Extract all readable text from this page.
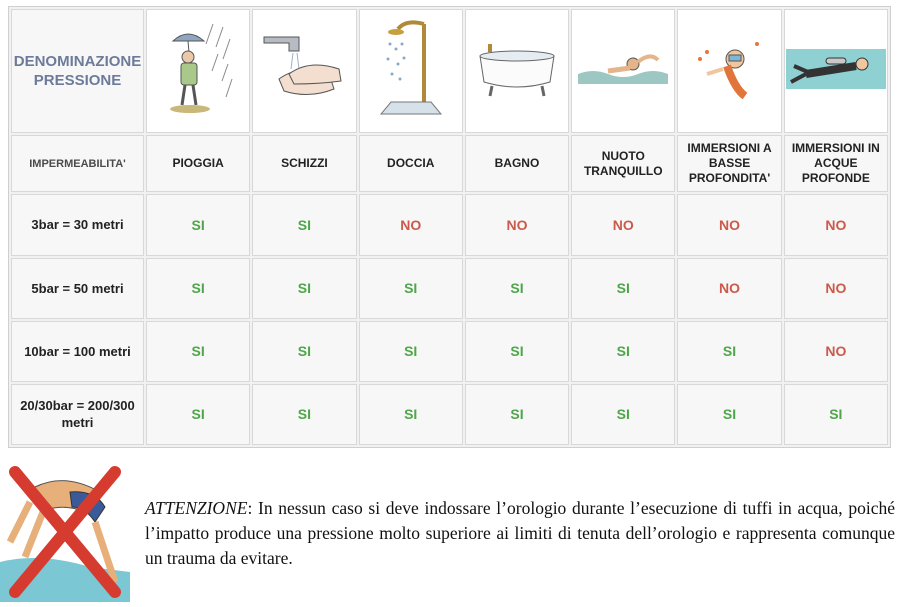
DENOMINAZIONE PRESSIONE							
IMPERMEABILITA'	PIOGGIA	SCHIZZI	DOCCIA	BAGNO	NUOTO TRANQUILLO	IMMERSIONI A BASSE PROFONDITA'	IMMERSIONI IN ACQUE PROFONDE
3bar = 30 metri	SI	SI	NO	NO	NO	NO	NO
5bar = 50 metri	SI	SI	SI	SI	SI	NO	NO
10bar = 100 metri	SI	SI	SI	SI	SI	SI	NO
20/30bar = 200/300 metri	SI	SI	SI	SI	SI	SI	SI
ATTENZIONE: In nessun caso si deve indossare l’orologio durante l’esecuzione di tuffi in acqua, poiché l’impatto produce una pressione molto superiore ai limiti di tenuta dell’orologio e rappresenta comunque un trauma da evitare.
